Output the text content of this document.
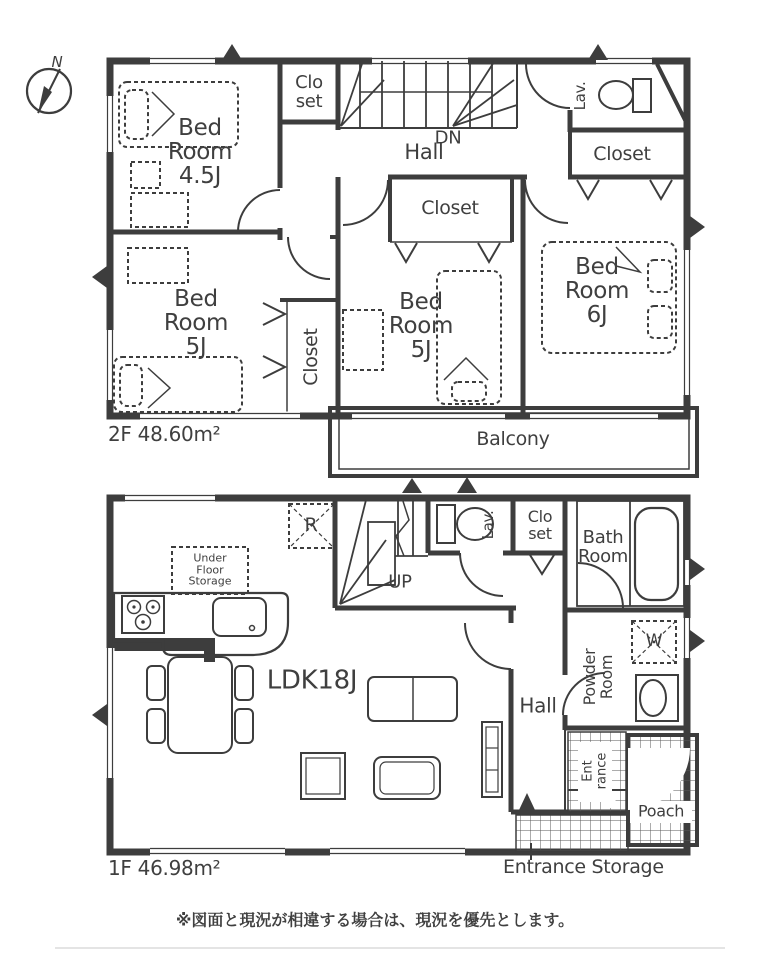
N
Bed
Room
4.5J
Clo
set
Hall
DN
Lav.
Closet
Bed
Room
5J	Closet
Closet
Bed
Room
5J
Bed
Room
6J
Balcony
2F 48.60m²
R
Under
Floor
Storage	UP
Lav. Clo
set Bath
Room
Powder
Room
W
LDK18J
Hall
Ent
rance
Poach
Entrance Storage
1F 46.98m²
※図面と現況が相違する場合は、現況を優先とします。
